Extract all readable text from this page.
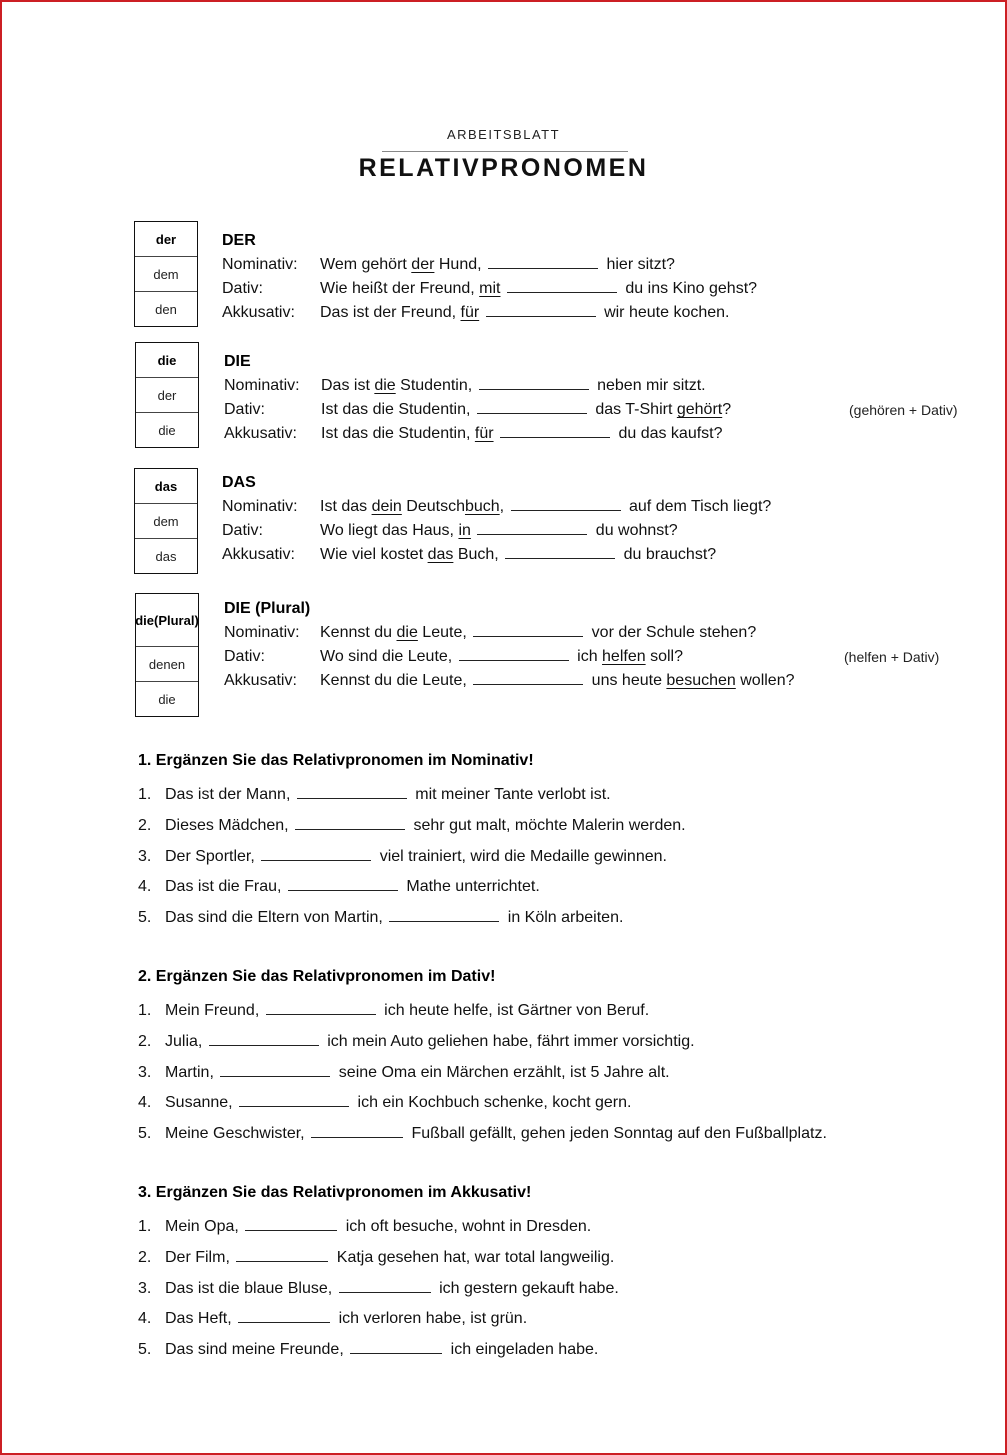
ARBEITSBLATT
RELATIVPRONOMEN
der
dem
den
DER
Nominativ: Wem gehört der Hund,	hier sitzt?
Dativ:	Wie heißt der Freund, mit	du ins Kino gehst?
Akkusativ: Das ist der Freund, für	wir heute kochen.
die
der
die
DIE
Nominativ: Das ist die Studentin,	neben mir sitzt.
Dativ:	Ist das die Studentin,	das T-Shirt gehört?	(gehören + Dativ)
Akkusativ: Ist das die Studentin, für	du das kaufst?
das
dem
das
DAS
Nominativ: Ist das dein Deutschbuch,	auf dem Tisch liegt?
Dativ:	Wo liegt das Haus, in	du wohnst?
Akkusativ: Wie viel kostet das Buch,	du brauchst?
die (Plural)
denen
die
DIE (Plural)
Nominativ: Kennst du die Leute,	vor der Schule stehen?
Dativ:	Wo sind die Leute,	ich helfen soll?	(helfen + Dativ)
Akkusativ: Kennst du die Leute,	uns heute besuchen wollen?
1. Ergänzen Sie das Relativpronomen im Nominativ!
1. Das ist der Mann,	mit meiner Tante verlobt ist.
2. Dieses Mädchen,	sehr gut malt, möchte Malerin werden.
3. Der Sportler,	viel trainiert, wird die Medaille gewinnen.
4. Das ist die Frau,	Mathe unterrichtet.
5. Das sind die Eltern von Martin,	in Köln arbeiten.
2. Ergänzen Sie das Relativpronomen im Dativ!
1. Mein Freund,	ich heute helfe, ist Gärtner von Beruf.
2. Julia,	ich mein Auto geliehen habe, fährt immer vorsichtig.
3. Martin,	seine Oma ein Märchen erzählt, ist 5 Jahre alt.
4. Susanne,	ich ein Kochbuch schenke, kocht gern.
5. Meine Geschwister,	Fußball gefällt, gehen jeden Sonntag auf den Fußballplatz.
3. Ergänzen Sie das Relativpronomen im Akkusativ!
1. Mein Opa,	ich oft besuche, wohnt in Dresden.
2. Der Film,	Katja gesehen hat, war total langweilig.
3. Das ist die blaue Bluse,	ich gestern gekauft habe.
4. Das Heft,	ich verloren habe, ist grün.
5. Das sind meine Freunde,	ich eingeladen habe.
